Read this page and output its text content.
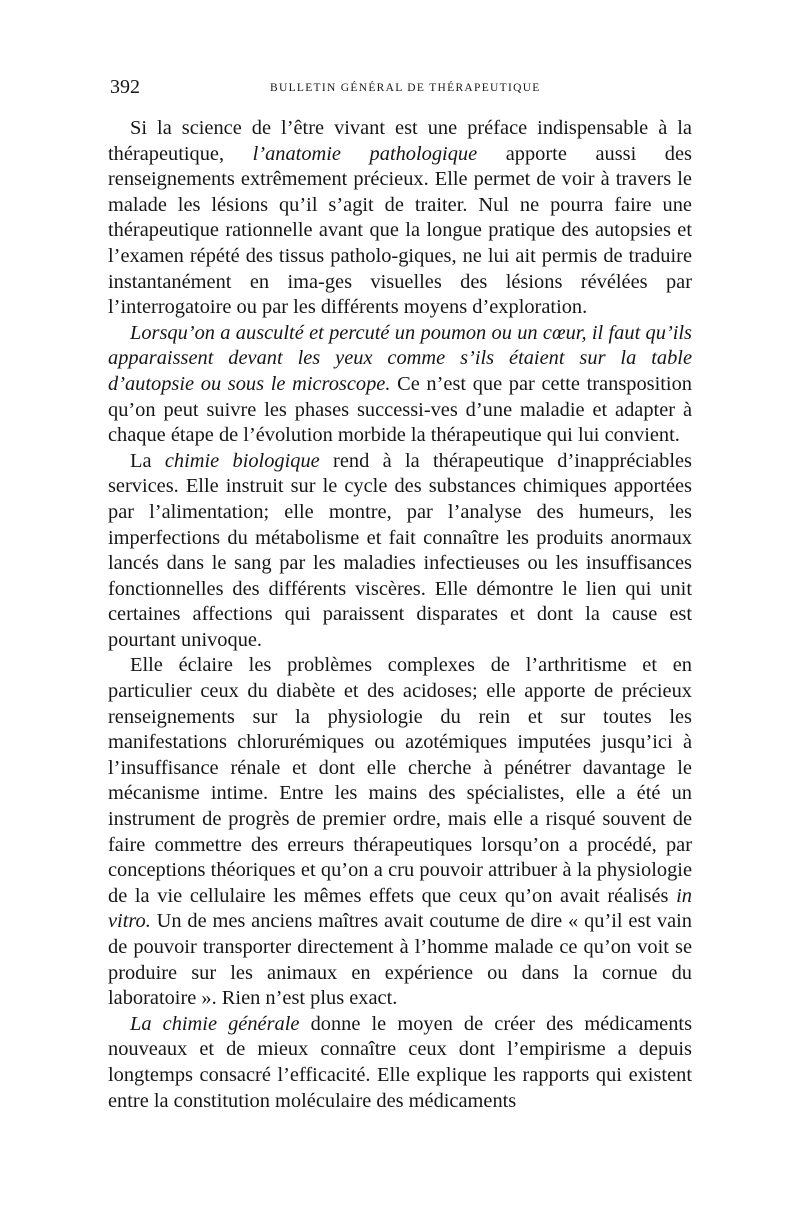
392	BULLETIN GÉNÉRAL DE THÉRAPEUTIQUE

Si la science de l’être vivant est une préface indispensable à la thérapeutique, l’anatomie pathologique apporte aussi des renseignements extrêmement précieux. Elle permet de voir à travers le malade les lésions qu’il s’agit de traiter. Nul ne pourra faire une thérapeutique rationnelle avant que la longue pratique des autopsies et l’examen répété des tissus patholo-giques, ne lui ait permis de traduire instantanément en ima-ges visuelles des lésions révélées par l’interrogatoire ou par les différents moyens d’exploration.

Lorsqu’on a ausculté et percuté un poumon ou un cœur, il faut qu’ils apparaissent devant les yeux comme s’ils étaient sur la table d’autopsie ou sous le microscope. Ce n’est que par cette transposition qu’on peut suivre les phases successi-ves d’une maladie et adapter à chaque étape de l’évolution morbide la thérapeutique qui lui convient.

La chimie biologique rend à la thérapeutique d’inappréciables services. Elle instruit sur le cycle des substances chimiques apportées par l’alimentation; elle montre, par l’analyse des humeurs, les imperfections du métabolisme et fait connaître les produits anormaux lancés dans le sang par les maladies infectieuses ou les insuffisances fonctionnelles des différents viscères. Elle démontre le lien qui unit certaines affections qui paraissent disparates et dont la cause est pourtant univoque.

Elle éclaire les problèmes complexes de l’arthritisme et en particulier ceux du diabète et des acidoses; elle apporte de précieux renseignements sur la physiologie du rein et sur toutes les manifestations chlorurémiques ou azotémiques imputées jusqu’ici à l’insuffisance rénale et dont elle cherche à pénétrer davantage le mécanisme intime. Entre les mains des spécialistes, elle a été un instrument de progrès de premier ordre, mais elle a risqué souvent de faire commettre des erreurs thérapeutiques lorsqu’on a procédé, par conceptions théoriques et qu’on a cru pouvoir attribuer à la physiologie de la vie cellulaire les mêmes effets que ceux qu’on avait réalisés in vitro. Un de mes anciens maîtres avait coutume de dire « qu’il est vain de pouvoir transporter directement à l’homme malade ce qu’on voit se produire sur les animaux en expérience ou dans la cornue du laboratoire ». Rien n’est plus exact.

La chimie générale donne le moyen de créer des médicaments nouveaux et de mieux connaître ceux dont l’empirisme a depuis longtemps consacré l’efficacité. Elle explique les rapports qui existent entre la constitution moléculaire des médicaments
